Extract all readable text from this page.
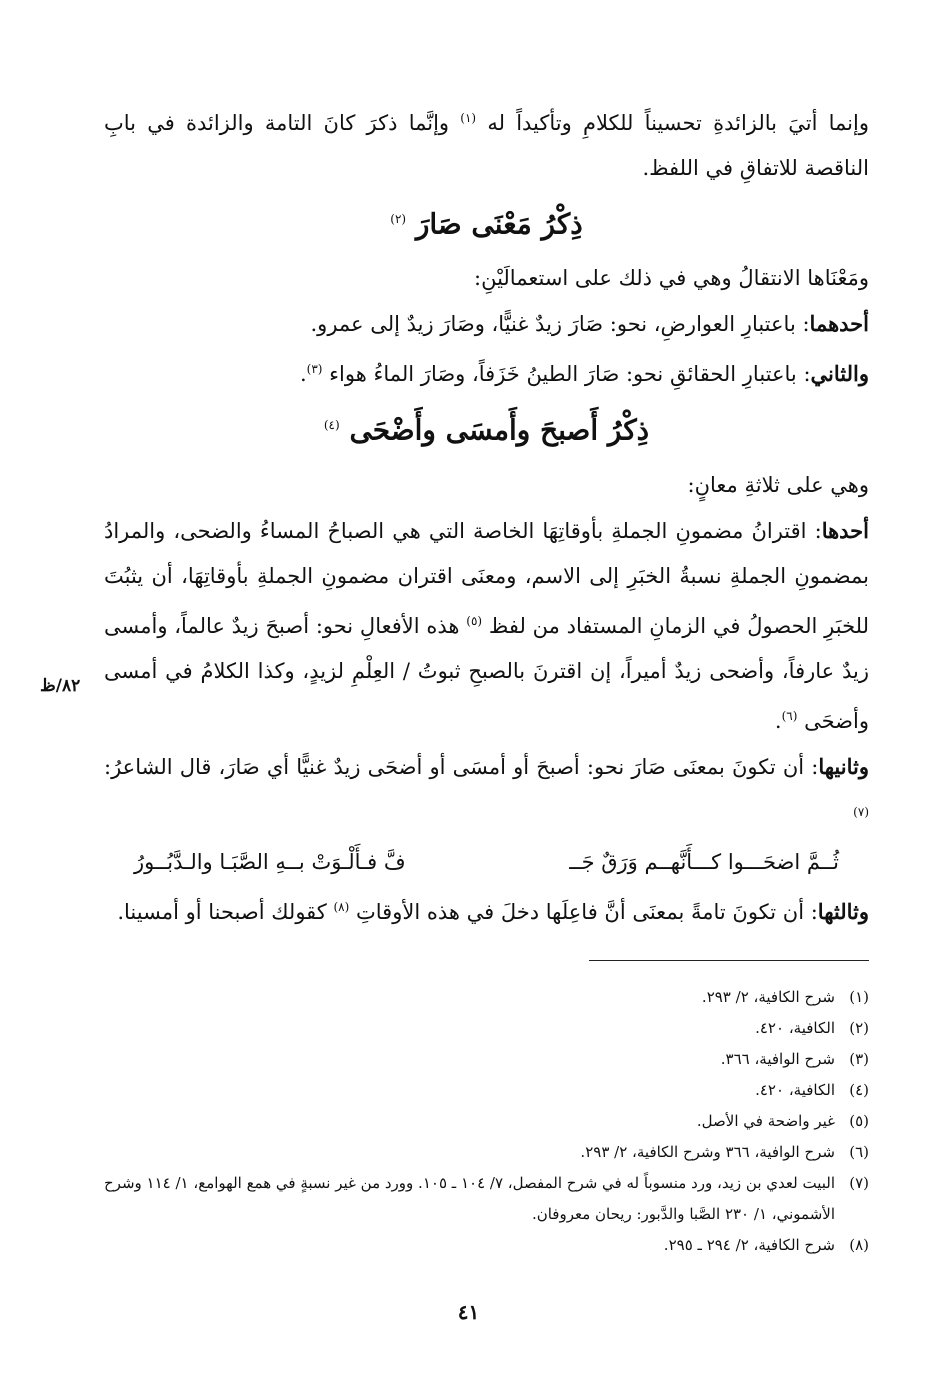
وإنما أتيَ بالزائدةِ تحسيناً للكلامِ وتأكيداً له $^{(١)}$ وإنَّما ذكرَ كانَ التامة والزائدة في بابِ الناقصة للاتفاقِ في اللفظ.

ذِكْرُ مَعْنَى صَارَ $^{(٢)}$

ومَعْنَاها الانتقالُ وهي في ذلك على استعمالَيْنِ:

أحدهما: باعتبارِ العوارضِ، نحو: صَارَ زيدٌ غنيًّا، وصَارَ زيدٌ إلى عمرو.

والثاني: باعتبارِ الحقائقِ نحو: صَارَ الطينُ خَزَفاً، وصَارَ الماءُ هواء $^{(٣)}$.

ذِكْرُ أَصبحَ وأَمسَى وأَضْحَى $^{(٤)}$

وهي على ثلاثةِ معانٍ:

أحدها: اقترانُ مضمونِ الجملةِ بأوقاتِهَا الخاصة التي هي الصباحُ المساءُ والضحى، والمرادُ بمضمونِ الجملةِ نسبةُ الخبَرِ إلى الاسم، ومعنَى اقتران مضمونِ الجملةِ بأوقاتِهَا، أن يثبُتَ للخبَرِ الحصولُ في الزمانِ المستفاد من لفظ $^{(٥)}$ هذه الأفعالِ نحو: أصبحَ زيدٌ عالماً، وأمسى زيدٌ عارفاً، وأضحى زيدٌ أميراً، إن اقترنَ بالصبحِ ثبوتُ / العِلْمِ لزيدٍ، وكذا الكلامُ في أمسى وأضحَى $^{(٦)}$.

وثانيها: أن تكونَ بمعنَى صَارَ نحو: أصبحَ أو أمسَى أو أضحَى زيدٌ غنيًّا أي صَارَ، قال الشاعرُ: $^{(٧)}$

ثُــمَّ اضحَـــوا كـــأَنَّهــم وَرَقٌ جَــ
فَّ فـأَلْـوَتْ بــهِ الصَّبَـا والـدَّبُــورُ

وثالثها: أن تكونَ تامةً بمعنَى أنَّ فاعِلَها دخلَ في هذه الأوقاتِ $^{(٨)}$ كقولك أصبحنا أو أمسينا.

٨٢/ظ
(١)
شرح الكافية، ٢/ ٢٩٣.
(٢)
الكافية، ٤٢٠.
(٣)
شرح الوافية، ٣٦٦.
(٤)
الكافية، ٤٢٠.
(٥)
غير واضحة في الأصل.
(٦)
شرح الوافية، ٣٦٦ وشرح الكافية، ٢/ ٢٩٣.
(٧)
البيت لعدي بن زيد، ورد منسوباً له في شرح المفصل، ٧/ ١٠٤ ـ ١٠٥. وورد من غير نسبةٍ في همع الهوامع، ١/ ١١٤ وشرح الأشموني، ١/ ٢٣٠ الصَّبا والدَّبور: ريحان معروفان.
(٨)
شرح الكافية، ٢/ ٢٩٤ ـ ٢٩٥.
٤١
